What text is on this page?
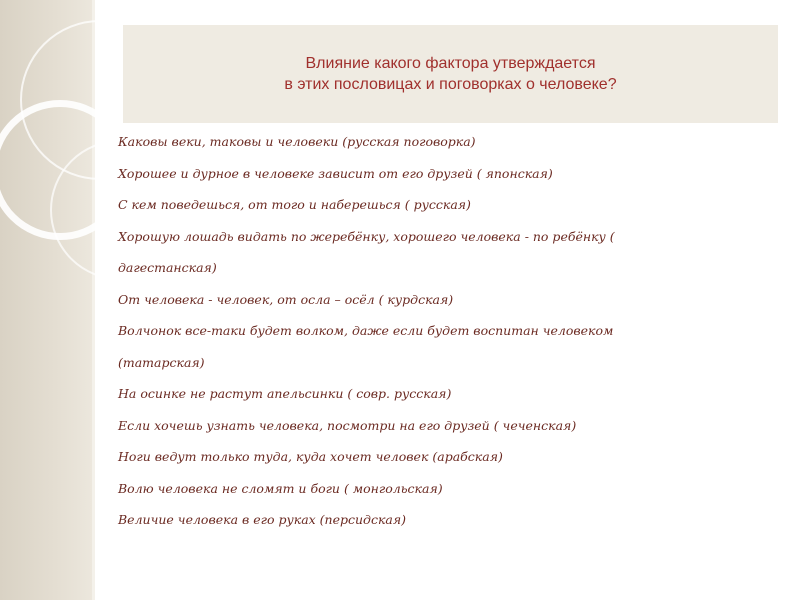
Влияние какого фактора утверждается
в этих пословицах и поговорках о человеке?
Каковы веки, таковы и человеки (русская поговорка)
Хорошее и дурное в человеке зависит от его друзей ( японская)
С кем поведешься, от того и наберешься ( русская)
Хорошую лошадь видать по жеребёнку, хорошего человека - по ребёнку (
дагестанская)
От человека - человек, от осла – осёл ( курдская)
Волчонок все-таки будет волком, даже если будет воспитан человеком
(татарская)
На осинке не растут апельсинки ( совр. русская)
Если хочешь узнать человека, посмотри на его друзей ( чеченская)
Ноги ведут только туда, куда хочет человек (арабская)
Волю человека не сломят и боги ( монгольская)
Величие человека в его руках (персидская)
